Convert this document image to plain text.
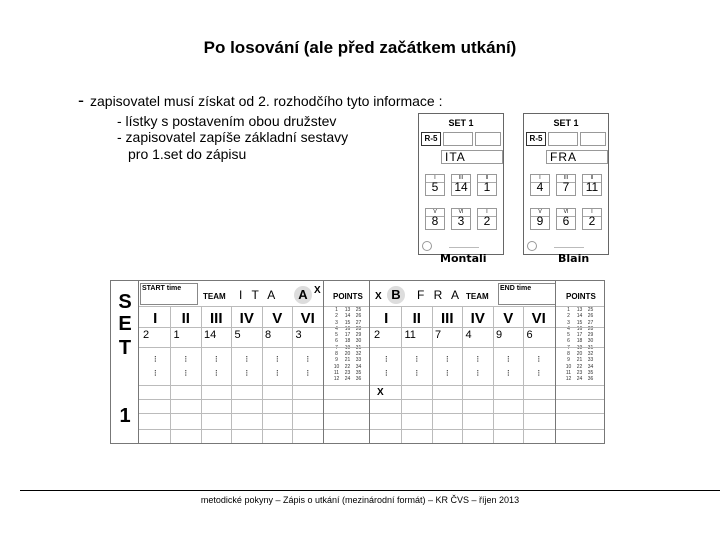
Po losování (ale před začátkem utkání)
- zapisovatel musí získat od 2. rozhodčího tyto informace :
- lístky s postavením obou družstev
- zapisovatel zapíše základní sestavy
pro 1.set do zápisu
SET 1
R-5
ITA
I
5
III
14
II
1
V
8
VI
3
I
2
Montali
SET 1
R-5
FRA
I
4
III
7
II
11
V
9
VI
6
I
2
Blain
S
E
T
1
START time
TEAM I T A	A X
POINTS
I	II	III	IV	V	VI
2	1	14	5	8	3
1	13	25
2	14	26
3	15	27
4	16	28
5	17	29
6	18	30
7	19	31
8	20	32
9	21	33
10	22	34
11	23	35
12	24	36
X B	F R A TEAM
END time
POINTS
I	II	III	IV	V	VI
2	11	7	4	9	6
X
1	13	25
2	14	26
3	15	27
4	16	28
5	17	29
6	18	30
7	19	31
8	20	32
9	21	33
10	22	34
11	23	35
12	24	36
⁝	⁝	⁝	⁝	⁝	⁝
⁝	⁝	⁝	⁝	⁝	⁝
⁝	⁝	⁝	⁝	⁝	⁝
⁝	⁝	⁝	⁝	⁝	⁝
metodické pokyny – Zápis o utkání (mezinárodní formát) – KR ČVS – říjen 2013
